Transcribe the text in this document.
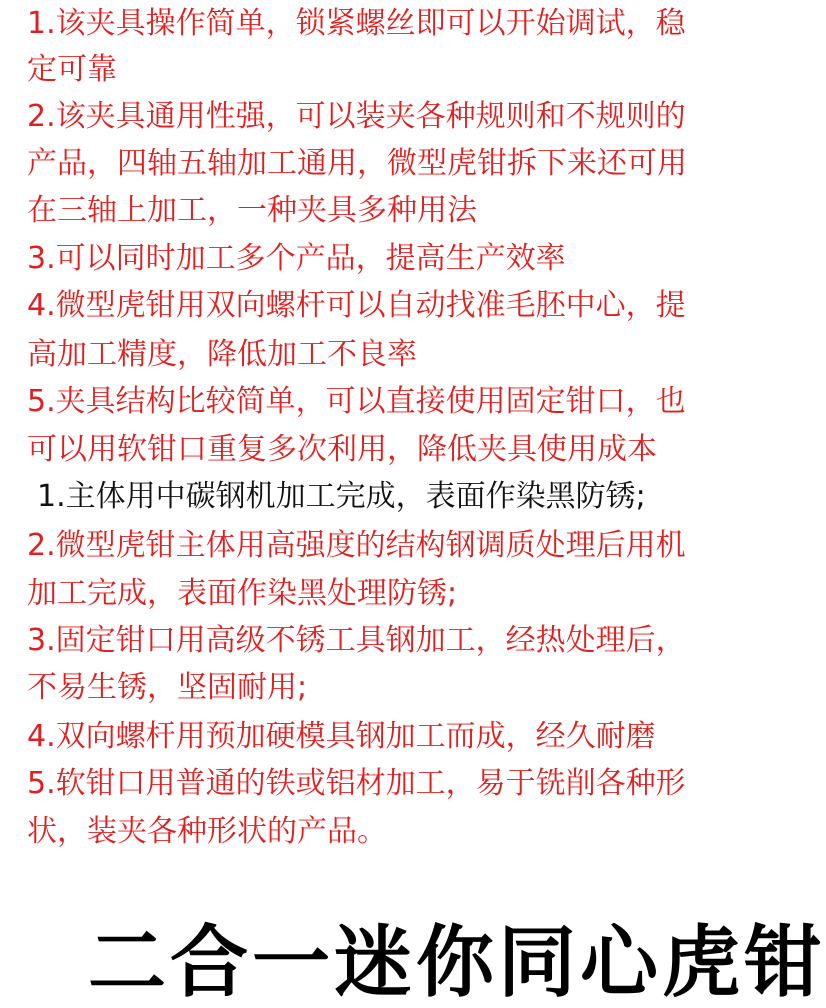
1.该夹具操作简单，锁紧螺丝即可以开始调试，稳
定可靠
2.该夹具通用性强，可以装夹各种规则和不规则的
产品，四轴五轴加工通用，微型虎钳拆下来还可用
在三轴上加工，一种夹具多种用法
3.可以同时加工多个产品，提高生产效率
4.微型虎钳用双向螺杆可以自动找准毛胚中心，提
高加工精度，降低加工不良率
5.夹具结构比较简单，可以直接使用固定钳口，也
可以用软钳口重复多次利用，降低夹具使用成本
1.主体用中碳钢机加工完成，表面作染黑防锈;
2.微型虎钳主体用高强度的结构钢调质处理后用机
加工完成，表面作染黑处理防锈;
3.固定钳口用高级不锈工具钢加工，经热处理后，
不易生锈，坚固耐用;
4.双向螺杆用预加硬模具钢加工而成，经久耐磨
5.软钳口用普通的铁或铝材加工，易于铣削各种形
状，装夹各种形状的产品。
二合一迷你同心虎钳
